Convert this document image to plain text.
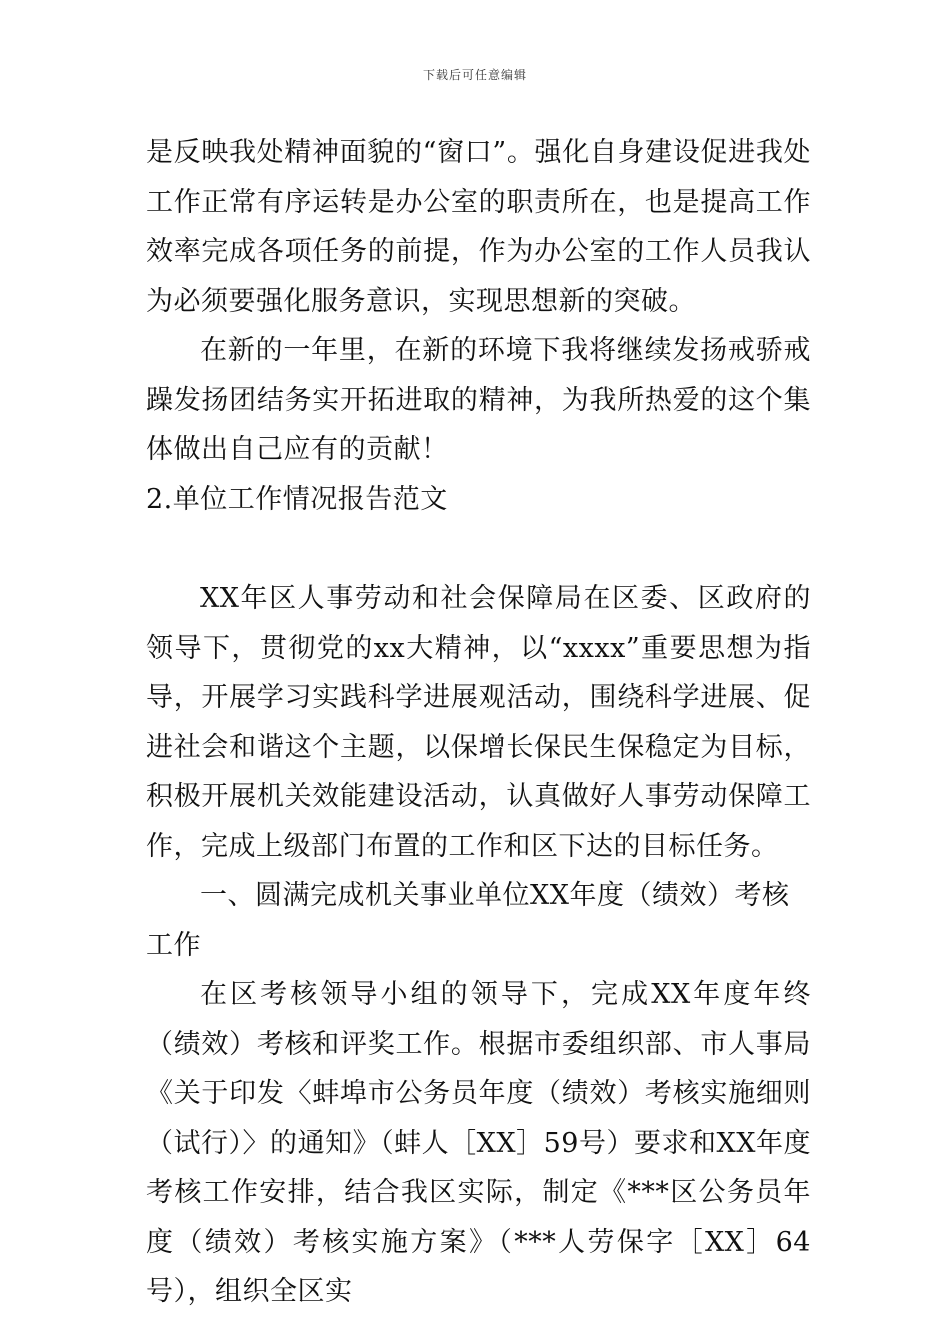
下载后可任意编辑

是反映我处精神面貌的“窗口”。强化自身建设促进我处工作正常有序运转是办公室的职责所在，也是提高工作效率完成各项任务的前提，作为办公室的工作人员我认为必须要强化服务意识，实现思想新的突破。

在新的一年里，在新的环境下我将继续发扬戒骄戒躁发扬团结务实开拓进取的精神，为我所热爱的这个集体做出自己应有的贡献！

2.单位工作情况报告范文

XX年区人事劳动和社会保障局在区委、区政府的领导下，贯彻党的xx大精神，以“xxxx”重要思想为指导，开展学习实践科学进展观活动，围绕科学进展、促进社会和谐这个主题，以保增长保民生保稳定为目标，积极开展机关效能建设活动，认真做好人事劳动保障工作，完成上级部门布置的工作和区下达的目标任务。

一、圆满完成机关事业单位XX年度（绩效）考核工作

在区考核领导小组的领导下，完成XX年度年终（绩效）考核和评奖工作。根据市委组织部、市人事局《关于印发〈蚌埠市公务员年度（绩效）考核实施细则（试行）〉的通知》（蚌人［XX］59号）要求和XX年度考核工作安排，结合我区实际，制定《***区公务员年度（绩效）考核实施方案》（***人劳保字［XX］64号），组织全区实
